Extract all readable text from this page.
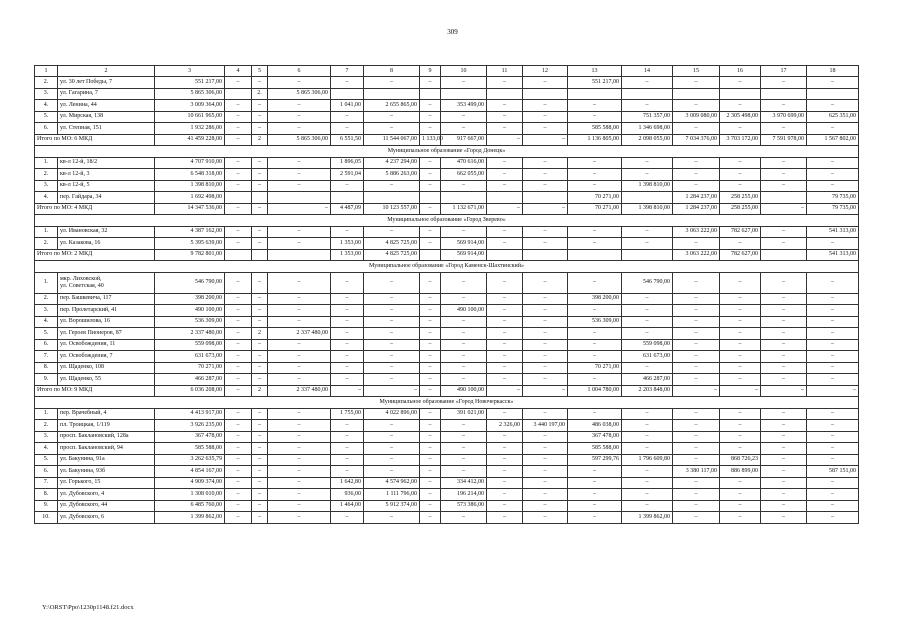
309
1	2	3	4	5	6	7	8	9	10	11	12	13	14	15	16	17	18
2.	ул. 30 лет Победы, 7	551 217,00	–	–	–	–	–	–	–	–	–	551 217,00	–	–	–	–	–
3.	ул. Гагарина, 7	5 865 306,00		2.	5 865 306,00												
4.	ул. Ленина, 44	3 009 364,00	–	–	–	1 041,00	2 655 865,00	–	353 499,00	–	–	–	–	–	–	–	–
5.	ул. Мирская, 138	10 661 965,00	–	–	–	–	–	–	–	–	–	–	751 357,00	3 009 080,00	2 305 498,00	3 970 699,00	625 351,00
6.	ул. Степная, 151	1 932 286,00	–	–	–	–	–	–	–	–	–	585 588,00	1 346 698,00	–	–	–	–
Итого по МО: 6 МКД		41 459 228,00	–	2	5 865 306,00	6 551,50	11 544 067,00	1 133,00	917 667,00	–	–	1 136 805,00	2 098 055,00	7 034 376,00	3 703 172,00	7 591 978,00	1 567 802,00
Муниципальное образование «Город Донецк»																	
1.	кв-л 12-й, 18/2	4 707 910,00	–	–	–	1 896,05	4 237 294,00	–	470 616,00	–	–	–	–	–	–	–	–
2.	кв-л 12-й, 3	6 548 318,00	–	–	–	2 591,04	5 886 263,00	–	662 055,00	–	–	–	–	–	–	–	–
3.	кв-л 12-й, 5	1 398 810,00	–	–	–	–	–	–	–	–	–	–	1 398 810,00	–	–	–	–
4.	пер. Гайдара, 34	1 692 498,00										70 271,00		1 284 237,00	258 255,00		79 735,00
Итого по МО: 4 МКД		14 347 536,00	–	–	–	4 487,09	10 123 557,00	–	1 132 671,00	–	–	70 271,00	1 398 810,00	1 284 237,00	258 255,00	–	79 735,00
Муниципальное образование «Город Зверево»																	
1.	ул. Ивановская, 32	4 387 162,00	–	–	–	–	–	–	–	–	–	–	–	3 063 222,00	782 627,00	–	541 313,00
2.	ул. Казакова, 16	5 395 639,00	–	–	–	1 353,00	4 825 725,00	–	569 914,00	–	–	–	–	–	–	–	–
Итого по МО: 2 МКД		9 782 801,00				1 353,00	4 825 725,00		569 914,00					3 063 222,00	782 627,00		541 313,00
Муниципальное образование «Город Каменск-Шахтинский»																	
1.	мкр. Лиховской,
ул. Советская, 40	546 790,00	–	–	–	–	–	–	–	–	–	–	546 790,00	–	–	–	–
2.	пер. Башкевича, 117	398 200,00	–	–	–	–	–	–	–	–	–	398 200,00	–	–	–	–	–
3.	пер. Пролетарский, 41	490 100,00	–	–	–	–	–	–	490 100,00	–	–	–	–	–	–	–	–
4.	ул. Ворошилова, 16	536 309,00	–	–	–	–	–	–	–	–	–	536 309,00	–	–	–	–	–
5.	ул. Героев Пионеров, 87	2 337 480,00	–	2	2 337 480,00	–	–	–	–	–	–	–	–	–	–	–	–
6.	ул. Освобождения, 11	559 098,00	–	–	–	–	–	–	–	–	–	–	559 098,00	–	–	–	–
7.	ул. Освобождения, 7	631 673,00	–	–	–	–	–	–	–	–	–	–	631 673,00	–	–	–	–
8.	ул. Щаденко, 108	70 271,00	–	–	–	–	–	–	–	–	–	70 271,00	–	–	–	–	–
9.	ул. Щаденко, 55	466 287,00	–	–	–	–	–	–	–	–	–	–	466 287,00	–	–	–	–
Итого по МО: 9 МКД		6 036 208,00	–	2	2 337 480,00	–	–	–	490 100,00	–	–	1 004 780,00	2 203 848,00	–	–	–	–
Муниципальное образование «Город Новочеркасск»																	
1.	пер. Врачебный, 4	4 413 917,00	–	–	–	1 755,00	4 022 896,00	–	391 021,00	–	–	–	–	–	–	–	–
2.	пл. Троицкая, 1/119	3 926 235,00	–	–	–	–	–	–	–	2 326,00	3 440 197,00	486 038,00	–	–	–	–	–
3.	просп. Баклановский, 128а	367 478,00	–	–	–	–	–	–	–	–	–	367 478,00	–	–	–	–	–
4.	просп. Баклановский, 94	585 588,00	–	–	–	–	–	–	–	–	–	585 588,00	–	–	–	–	–
5.	ул. Бакунина, 91а	3 262 635,79	–	–	–	–	–	–	–	–	–	597 299,76	1 796 609,80	–	868 726,23	–	–
6.	ул. Бакунина, 93б	4 854 167,00	–	–	–	–	–	–	–	–	–	–	–	3 380 117,00	886 899,00	–	587 151,00
7.	ул. Горького, 15	4 909 374,00	–	–	–	1 642,80	4 574 962,00	–	334 412,00	–	–	–	–	–	–	–	–
8.	ул. Дубовского, 4	1 308 010,00	–	–	–	936,00	1 111 796,00	–	196 214,00	–	–	–	–	–	–	–	–
9.	ул. Дубовского, 44	6 485 760,00	–	–	–	1 464,00	5 912 374,00	–	573 386,00	–	–	–	–	–	–	–	–
10.	ул. Дубовского, 6	1 399 862,00	–	–	–	–	–	–	–	–	–	–	1 399 862,00	–	–	–	–
Y:\ORST\Ppo\1230p1148.f21.docx
